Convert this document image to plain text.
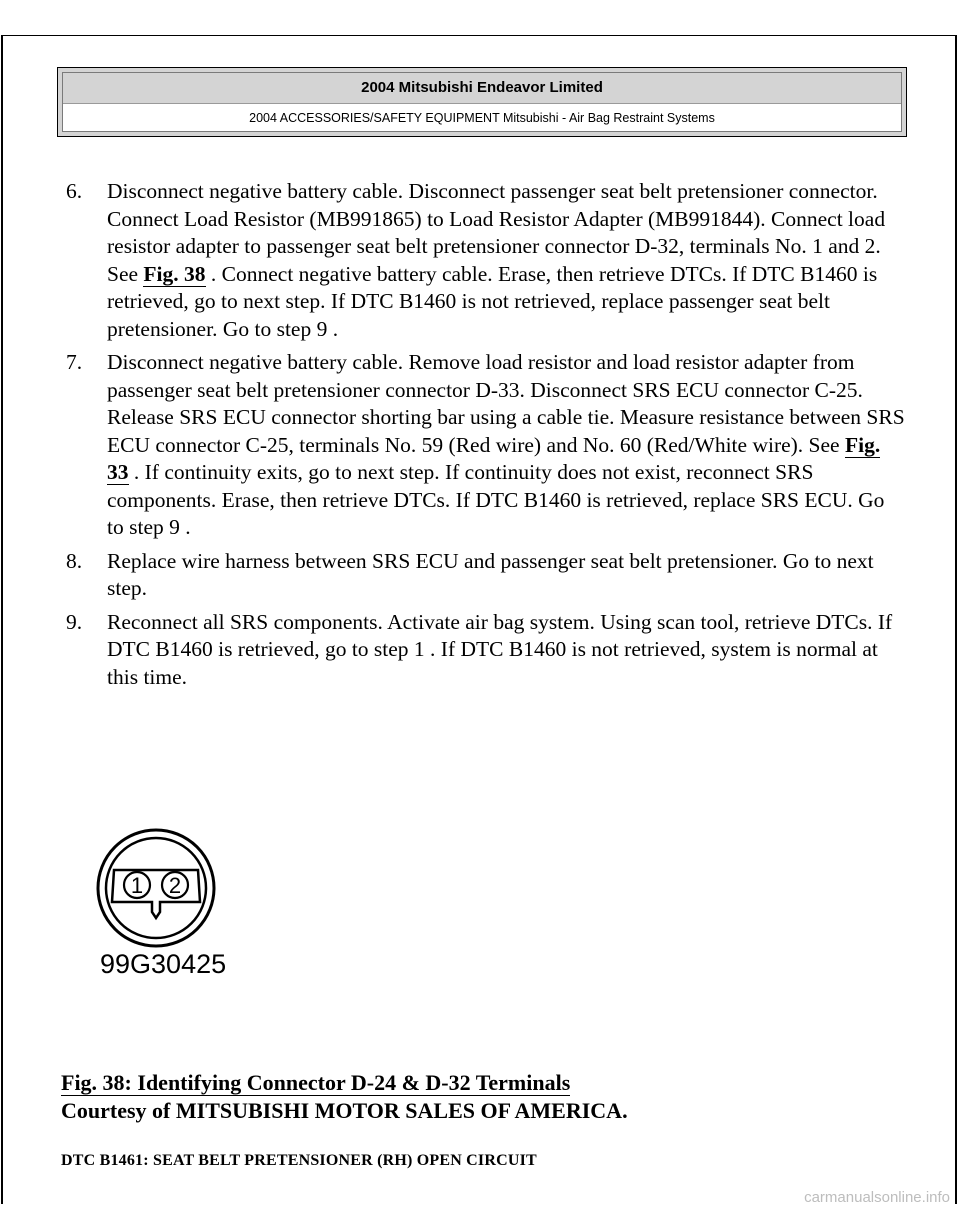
2004 Mitsubishi Endeavor Limited
2004 ACCESSORIES/SAFETY EQUIPMENT Mitsubishi - Air Bag Restraint Systems
6. Disconnect negative battery cable. Disconnect passenger seat belt pretensioner connector. Connect Load Resistor (MB991865) to Load Resistor Adapter (MB991844). Connect load resistor adapter to passenger seat belt pretensioner connector D-32, terminals No. 1 and 2. See Fig. 38 . Connect negative battery cable. Erase, then retrieve DTCs. If DTC B1460 is retrieved, go to next step. If DTC B1460 is not retrieved, replace passenger seat belt pretensioner. Go to step 9 .
7. Disconnect negative battery cable. Remove load resistor and load resistor adapter from passenger seat belt pretensioner connector D-33. Disconnect SRS ECU connector C-25. Release SRS ECU connector shorting bar using a cable tie. Measure resistance between SRS ECU connector C-25, terminals No. 59 (Red wire) and No. 60 (Red/White wire). See Fig. 33 . If continuity exits, go to next step. If continuity does not exist, reconnect SRS components. Erase, then retrieve DTCs. If DTC B1460 is retrieved, replace SRS ECU. Go to step 9 .
8. Replace wire harness between SRS ECU and passenger seat belt pretensioner. Go to next step.
9. Reconnect all SRS components. Activate air bag system. Using scan tool, retrieve DTCs. If DTC B1460 is retrieved, go to step 1 . If DTC B1460 is not retrieved, system is normal at this time.
1 2
99G30425
Fig. 38: Identifying Connector D-24 & D-32 Terminals
Courtesy of MITSUBISHI MOTOR SALES OF AMERICA.
DTC B1461: SEAT BELT PRETENSIONER (RH) OPEN CIRCUIT
carmanualsonline.info
